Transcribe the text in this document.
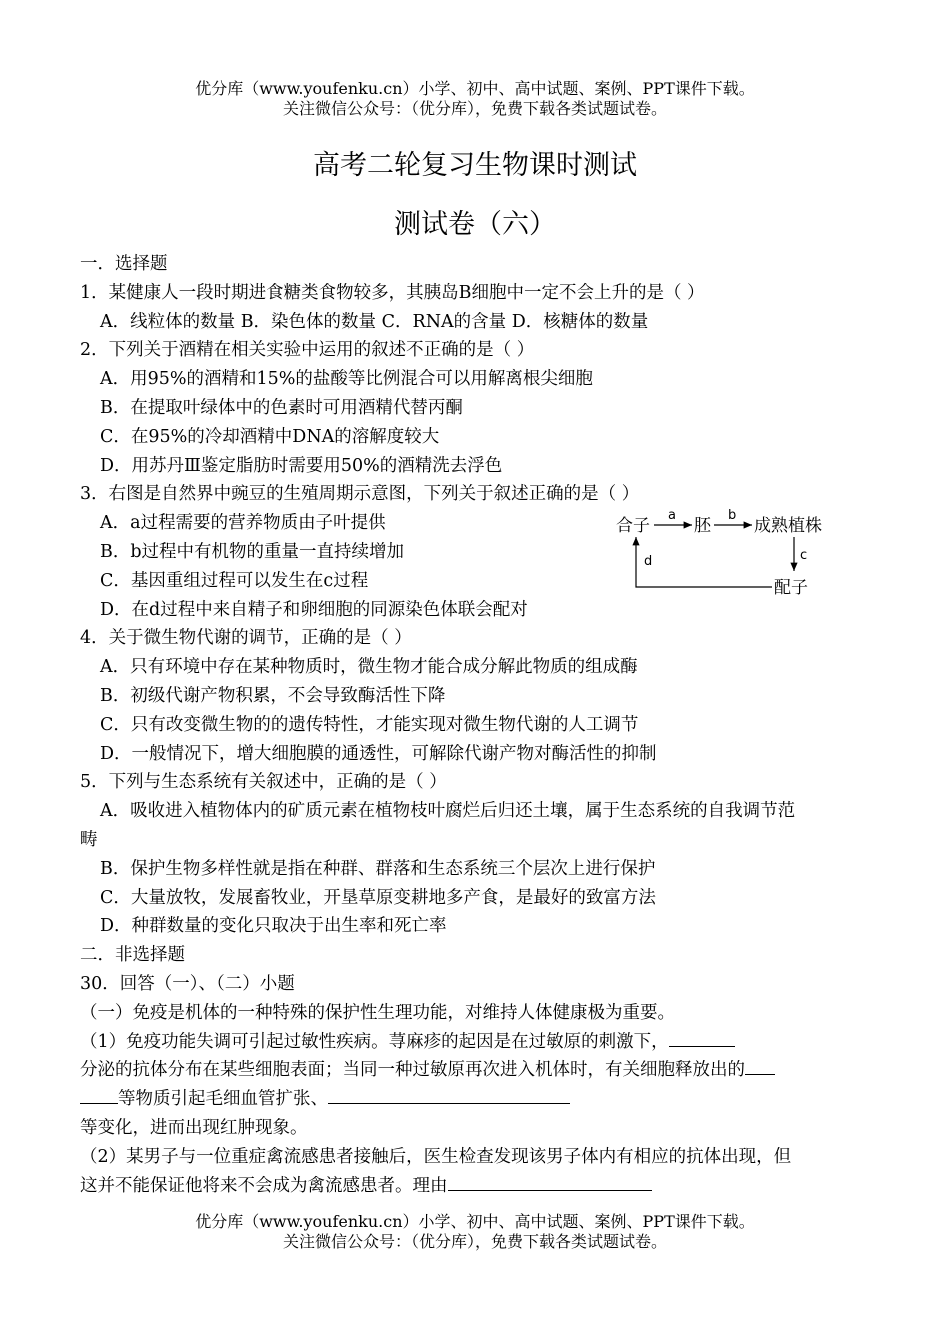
优分库（www.youfenku.cn）小学、初中、高中试题、案例、PPT课件下载。
关注微信公众号：（优分库），免费下载各类试题试卷。
高考二轮复习生物课时测试
测试卷（六）
一．选择题
1．某健康人一段时期进食糖类食物较多，其胰岛B细胞中一定不会上升的是（ ）
A．线粒体的数量 B．染色体的数量 C．RNA的含量 D．核糖体的数量
2．下列关于酒精在相关实验中运用的叙述不正确的是（ ）
A．用95%的酒精和15%的盐酸等比例混合可以用解离根尖细胞
B．在提取叶绿体中的色素时可用酒精代替丙酮
C．在95%的冷却酒精中DNA的溶解度较大
D．用苏丹Ⅲ鉴定脂肪时需要用50%的酒精洗去浮色
3．右图是自然界中豌豆的生殖周期示意图，下列关于叙述正确的是（ ）
A．a过程需要的营养物质由子叶提供
B．b过程中有机物的重量一直持续增加
C．基因重组过程可以发生在c过程
D．在d过程中来自精子和卵细胞的同源染色体联会配对
4．关于微生物代谢的调节，正确的是（ ）
A．只有环境中存在某种物质时，微生物才能合成分解此物质的组成酶
B．初级代谢产物积累，不会导致酶活性下降
C．只有改变微生物的的遗传特性，才能实现对微生物代谢的人工调节
D．一般情况下，增大细胞膜的通透性，可解除代谢产物对酶活性的抑制
5．下列与生态系统有关叙述中，正确的是（ ）
A．吸收进入植物体内的矿质元素在植物枝叶腐烂后归还土壤，属于生态系统的自我调节范
畴
B．保护生物多样性就是指在种群、群落和生态系统三个层次上进行保护
C．大量放牧，发展畜牧业，开垦草原变耕地多产食，是最好的致富方法
D．种群数量的变化只取决于出生率和死亡率
二．非选择题
30．回答（一）、（二）小题
（一）免疫是机体的一种特殊的保护性生理功能，对维持人体健康极为重要。
（1）免疫功能失调可引起过敏性疾病。荨麻疹的起因是在过敏原的刺激下，
分泌的抗体分布在某些细胞表面；当同一种过敏原再次进入机体时，有关细胞释放出的
等物质引起毛细血管扩张、
等变化，进而出现红肿现象。
（2）某男子与一位重症禽流感患者接触后，医生检查发现该男子体内有相应的抗体出现，但
这并不能保证他将来不会成为禽流感患者。理由
合子
a
胚
b
成熟植株
c
配子
d
优分库（www.youfenku.cn）小学、初中、高中试题、案例、PPT课件下载。
关注微信公众号：（优分库），免费下载各类试题试卷。
